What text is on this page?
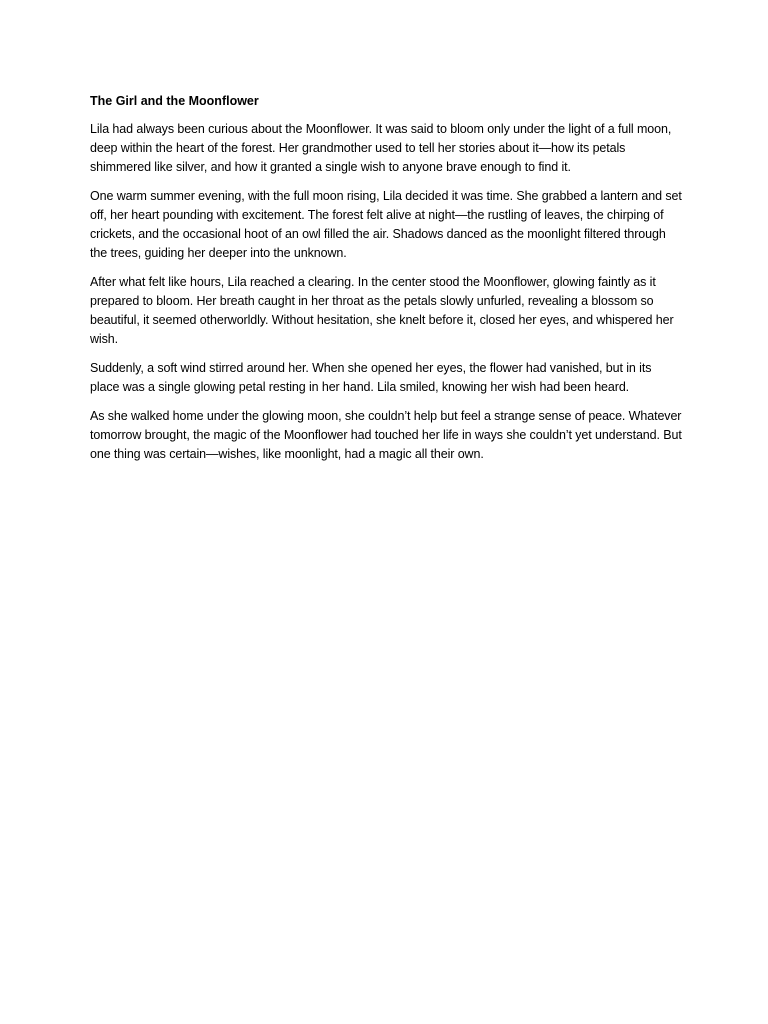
The Girl and the Moonflower

Lila had always been curious about the Moonflower. It was said to bloom only under the light of a full moon, deep within the heart of the forest. Her grandmother used to tell her stories about it—how its petals shimmered like silver, and how it granted a single wish to anyone brave enough to find it.

One warm summer evening, with the full moon rising, Lila decided it was time. She grabbed a lantern and set off, her heart pounding with excitement. The forest felt alive at night—the rustling of leaves, the chirping of crickets, and the occasional hoot of an owl filled the air. Shadows danced as the moonlight filtered through the trees, guiding her deeper into the unknown.

After what felt like hours, Lila reached a clearing. In the center stood the Moonflower, glowing faintly as it prepared to bloom. Her breath caught in her throat as the petals slowly unfurled, revealing a blossom so beautiful, it seemed otherworldly. Without hesitation, she knelt before it, closed her eyes, and whispered her wish.

Suddenly, a soft wind stirred around her. When she opened her eyes, the flower had vanished, but in its place was a single glowing petal resting in her hand. Lila smiled, knowing her wish had been heard.

As she walked home under the glowing moon, she couldn’t help but feel a strange sense of peace. Whatever tomorrow brought, the magic of the Moonflower had touched her life in ways she couldn’t yet understand. But one thing was certain—wishes, like moonlight, had a magic all their own.
